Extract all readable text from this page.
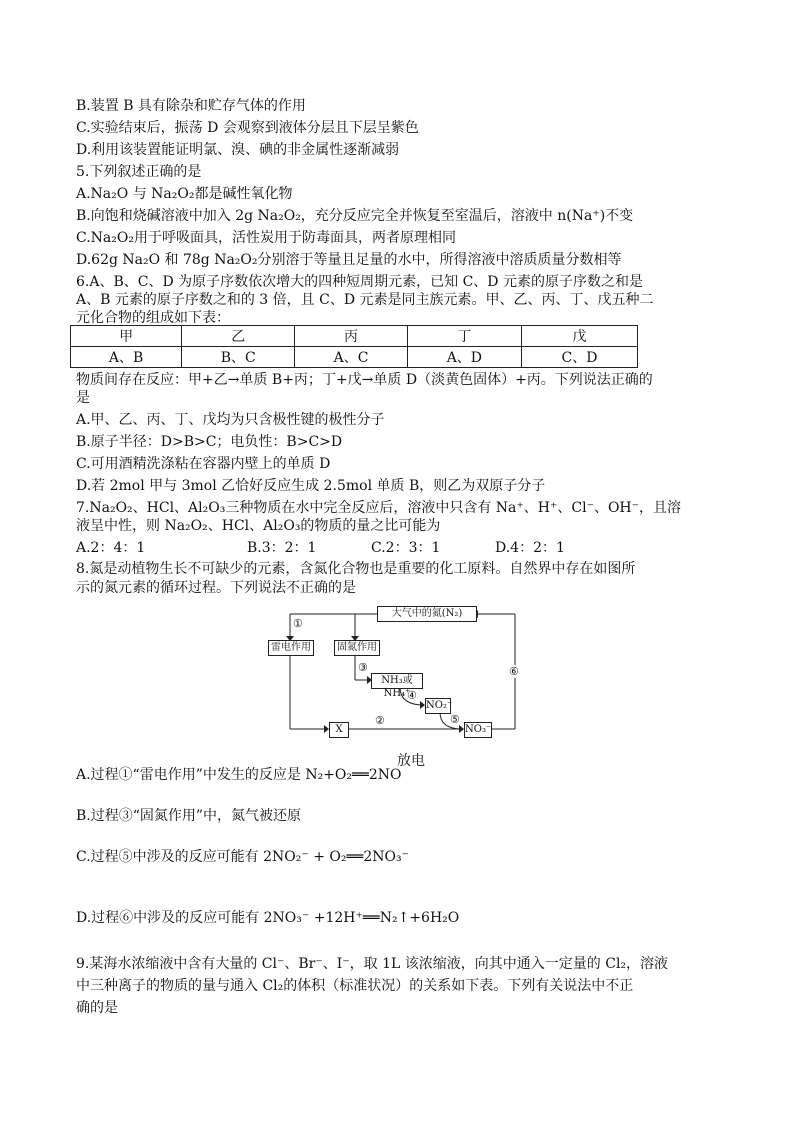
B.装置 B 具有除杂和贮存气体的作用
C.实验结束后，振荡 D 会观察到液体分层且下层呈紫色
D.利用该装置能证明氯、溴、碘的非金属性逐渐减弱
5.下列叙述正确的是
A.Na₂O 与 Na₂O₂都是碱性氧化物
B.向饱和烧碱溶液中加入 2g Na₂O₂，充分反应完全并恢复至室温后，溶液中 n(Na⁺)不变
C.Na₂O₂用于呼吸面具，活性炭用于防毒面具，两者原理相同
D.62g Na₂O 和 78g Na₂O₂分别溶于等量且足量的水中，所得溶液中溶质质量分数相等
6.A、B、C、D 为原子序数依次增大的四种短周期元素，已知 C、D 元素的原子序数之和是
A、B 元素的原子序数之和的 3 倍，且 C、D 元素是同主族元素。甲、乙、丙、丁、戊五种二
元化合物的组成如下表：
甲	乙	丙	丁	戊
A、B	B、C	A、C	A、D	C、D
物质间存在反应：甲+乙→单质 B+丙；丁+戊→单质 D（淡黄色固体）+丙。下列说法正确的
是
A.甲、乙、丙、丁、戊均为只含极性键的极性分子
B.原子半径：D>B>C；电负性：B>C>D
C.可用酒精洗涤粘在容器内壁上的单质 D
D.若 2mol 甲与 3mol 乙恰好反应生成 2.5mol 单质 B，则乙为双原子分子
7.Na₂O₂、HCl、Al₂O₃三种物质在水中完全反应后，溶液中只含有 Na⁺、H⁺、Cl⁻、OH⁻，且溶
液呈中性，则 Na₂O₂、HCl、Al₂O₃的物质的量之比可能为
A.2：4：1	B.3：2：1	C.2：3：1	D.4：2：1
8.氮是动植物生长不可缺少的元素，含氮化合物也是重要的化工原料。自然界中存在如图所
示的氮元素的循环过程。下列说法不正确的是
大气中的氮(N₂)
雷电作用	固氮作用
NH₃或NH₄⁺
NO₂⁻
NO₃⁻
X
①
②
③
④
⑤
⑥
放电
A.过程①“雷电作用”中发生的反应是 N₂+O₂══2NO
B.过程③“固氮作用”中，氮气被还原
C.过程⑤中涉及的反应可能有 2NO₂⁻ + O₂══2NO₃⁻
D.过程⑥中涉及的反应可能有 2NO₃⁻ +12H⁺══N₂↑+6H₂O
9.某海水浓缩液中含有大量的 Cl⁻、Br⁻、I⁻，取 1L 该浓缩液，向其中通入一定量的 Cl₂，溶液
中三种离子的物质的量与通入 Cl₂的体积（标准状况）的关系如下表。下列有关说法中不正
确的是
